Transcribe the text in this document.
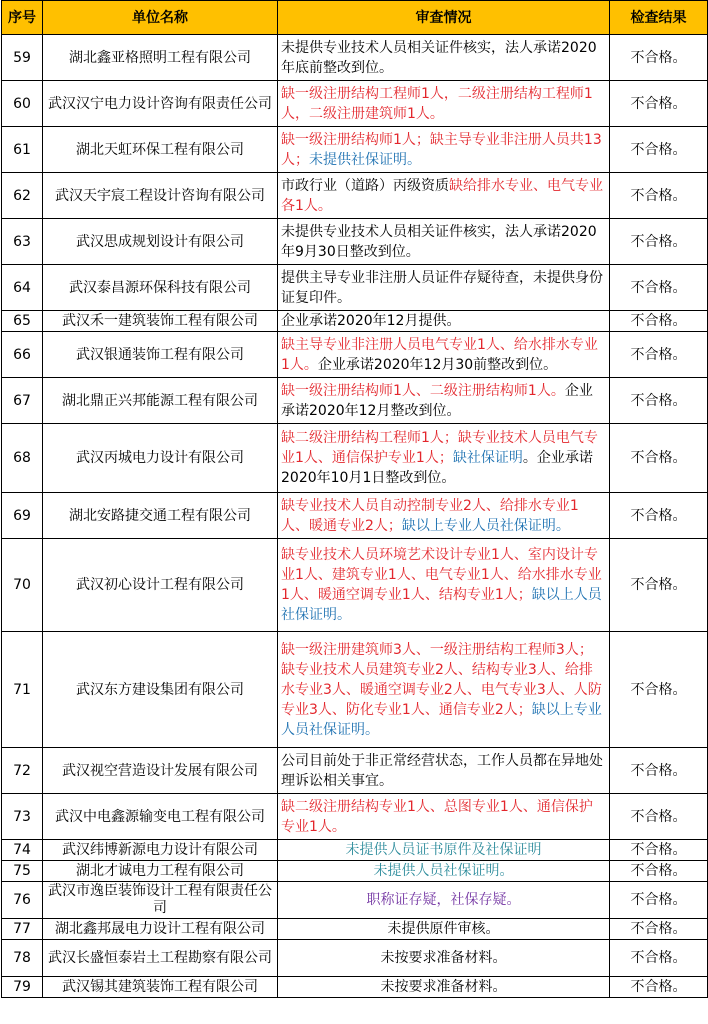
序号	单位名称	审查情况	检查结果
59	湖北鑫亚格照明工程有限公司	未提供专业技术人员相关证件核实，法人承诺2020年底前整改到位。	不合格。
60	武汉汉宁电力设计咨询有限责任公司	缺一级注册结构工程师1人，二级注册结构工程师1人，二级注册建筑师1人。	不合格。
61	湖北天虹环保工程有限公司	缺一级注册结构师1人；缺主导专业非注册人员共13人；未提供社保证明。	不合格。
62	武汉天宇宸工程设计咨询有限公司	市政行业（道路）丙级资质缺给排水专业、电气专业各1人。	不合格。
63	武汉思成规划设计有限公司	未提供专业技术人员相关证件核实，法人承诺2020年9月30日整改到位。	不合格。
64	武汉泰昌源环保科技有限公司	提供主导专业非注册人员证件存疑待查，未提供身份证复印件。	不合格。
65	武汉禾一建筑装饰工程有限公司	企业承诺2020年12月提供。	不合格。
66	武汉银通装饰工程有限公司	缺主导专业非注册人员电气专业1人、给水排水专业1人。企业承诺2020年12月30前整改到位。	不合格。
67	湖北鼎正兴邦能源工程有限公司	缺一级注册结构师1人、二级注册结构师1人。企业承诺2020年12月整改到位。	不合格。
68	武汉丙城电力设计有限公司	缺二级注册结构工程师1人；缺专业技术人员电气专业1人、通信保护专业1人；缺社保证明。企业承诺2020年10月1日整改到位。	不合格。
69	湖北安路捷交通工程有限公司	缺专业技术人员自动控制专业2人、给排水专业1人、暖通专业2人；缺以上专业人员社保证明。	不合格。
70	武汉初心设计工程有限公司	缺专业技术人员环境艺术设计专业1人、室内设计专业1人、建筑专业1人、电气专业1人、给水排水专业1人、暖通空调专业1人、结构专业1人；缺以上人员社保证明。	不合格。
71	武汉东方建设集团有限公司	缺一级注册建筑师3人、一级注册结构工程师3人；缺专业技术人员建筑专业2人、结构专业3人、给排水专业3人、暖通空调专业2人、电气专业3人、人防专业3人、防化专业1人、通信专业2人；缺以上专业人员社保证明。	不合格。
72	武汉视空营造设计发展有限公司	公司目前处于非正常经营状态，工作人员都在异地处理诉讼相关事宜。	不合格。
73	武汉中电鑫源输变电工程有限公司	缺二级注册结构专业1人、总图专业1人、通信保护专业1人。	不合格。
74	武汉纬博新源电力设计有限公司	未提供人员证书原件及社保证明	不合格。
75	湖北才诚电力工程有限公司	未提供人员社保证明。	不合格。
76	武汉市逸臣装饰设计工程有限责任公司	职称证存疑，社保存疑。	不合格。
77	湖北鑫邦晟电力设计工程有限公司	未提供原件审核。	不合格。
78	武汉长盛恒泰岩土工程勘察有限公司	未按要求准备材料。	不合格。
79	武汉锡其建筑装饰工程有限公司	未按要求准备材料。	不合格。
